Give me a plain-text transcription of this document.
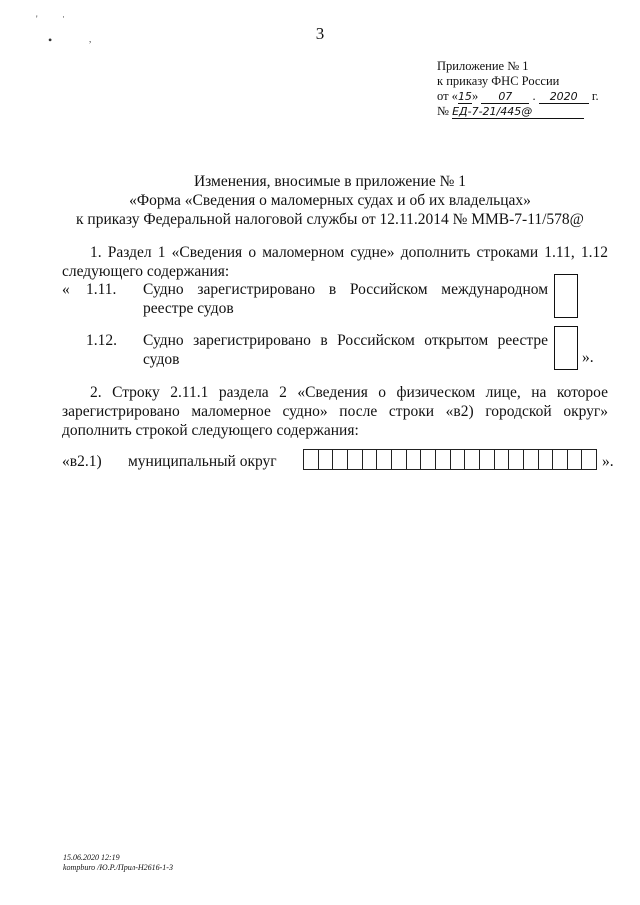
'
•	,
·
3
Приложение № 1
к приказу ФНС России
от «15» 07 . 2020 г.
№ ЕД-7-21/445@
Изменения, вносимые в приложение № 1
«Форма «Сведения о маломерных судах и об их владельцах»
к приказу Федеральной налоговой службы от 12.11.2014 № ММВ-7-11/578@
1. Раздел 1 «Сведения о маломерном судне» дополнить строками 1.11, 1.12
следующего содержания:
« 1.11. Судно зарегистрировано в Российском международном
реестре судов
1.12. Судно зарегистрировано в Российском открытом реестре
судов	».
2. Строку 2.11.1 раздела 2 «Сведения о физическом лице, на которое
зарегистрировано маломерное судно» после строки «в2) городской округ»
дополнить строкой следующего содержания:
«в2.1) муниципальный округ	».
15.06.2020 12:19
kompburo /Ю.Р./Прил-Н2616-1-3
